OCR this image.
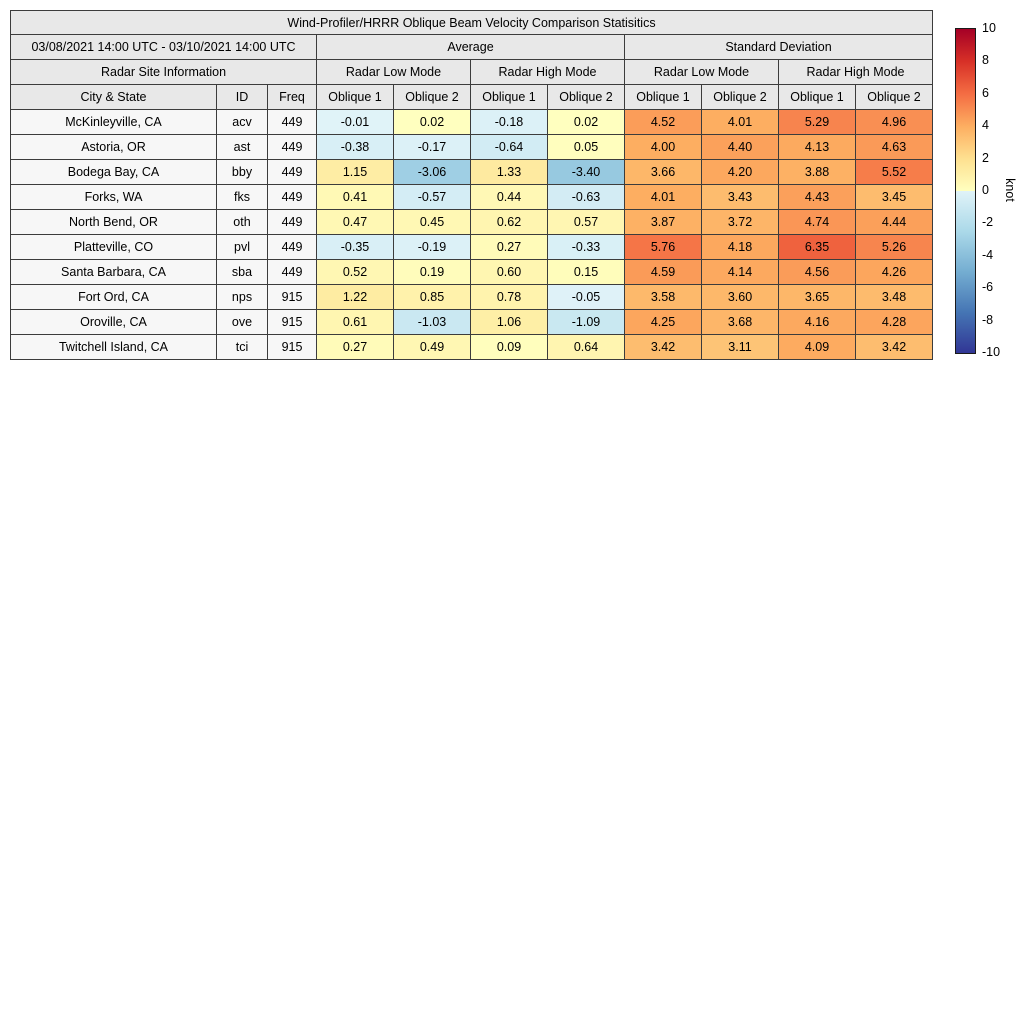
Wind-Profiler/HRRR Oblique Beam Velocity Comparison Statisitics										
03/08/2021 14:00 UTC - 03/10/2021 14:00 UTC			Average				Standard Deviation			
Radar Site Information			Radar Low Mode		Radar High Mode		Radar Low Mode		Radar High Mode	
City & State	ID	Freq	Oblique 1	Oblique 2	Oblique 1	Oblique 2	Oblique 1	Oblique 2	Oblique 1	Oblique 2
McKinleyville, CA	acv	449	-0.01	0.02	-0.18	0.02	4.52	4.01	5.29	4.96
Astoria, OR	ast	449	-0.38	-0.17	-0.64	0.05	4.00	4.40	4.13	4.63
Bodega Bay, CA	bby	449	1.15	-3.06	1.33	-3.40	3.66	4.20	3.88	5.52
Forks, WA	fks	449	0.41	-0.57	0.44	-0.63	4.01	3.43	4.43	3.45
North Bend, OR	oth	449	0.47	0.45	0.62	0.57	3.87	3.72	4.74	4.44
Platteville, CO	pvl	449	-0.35	-0.19	0.27	-0.33	5.76	4.18	6.35	5.26
Santa Barbara, CA	sba	449	0.52	0.19	0.60	0.15	4.59	4.14	4.56	4.26
Fort Ord, CA	nps	915	1.22	0.85	0.78	-0.05	3.58	3.60	3.65	3.48
Oroville, CA	ove	915	0.61	-1.03	1.06	-1.09	4.25	3.68	4.16	4.28
Twitchell Island, CA	tci	915	0.27	0.49	0.09	0.64	3.42	3.11	4.09	3.42
10
8
6
4
2
0
-2
-4
-6
-8
-10
knot
